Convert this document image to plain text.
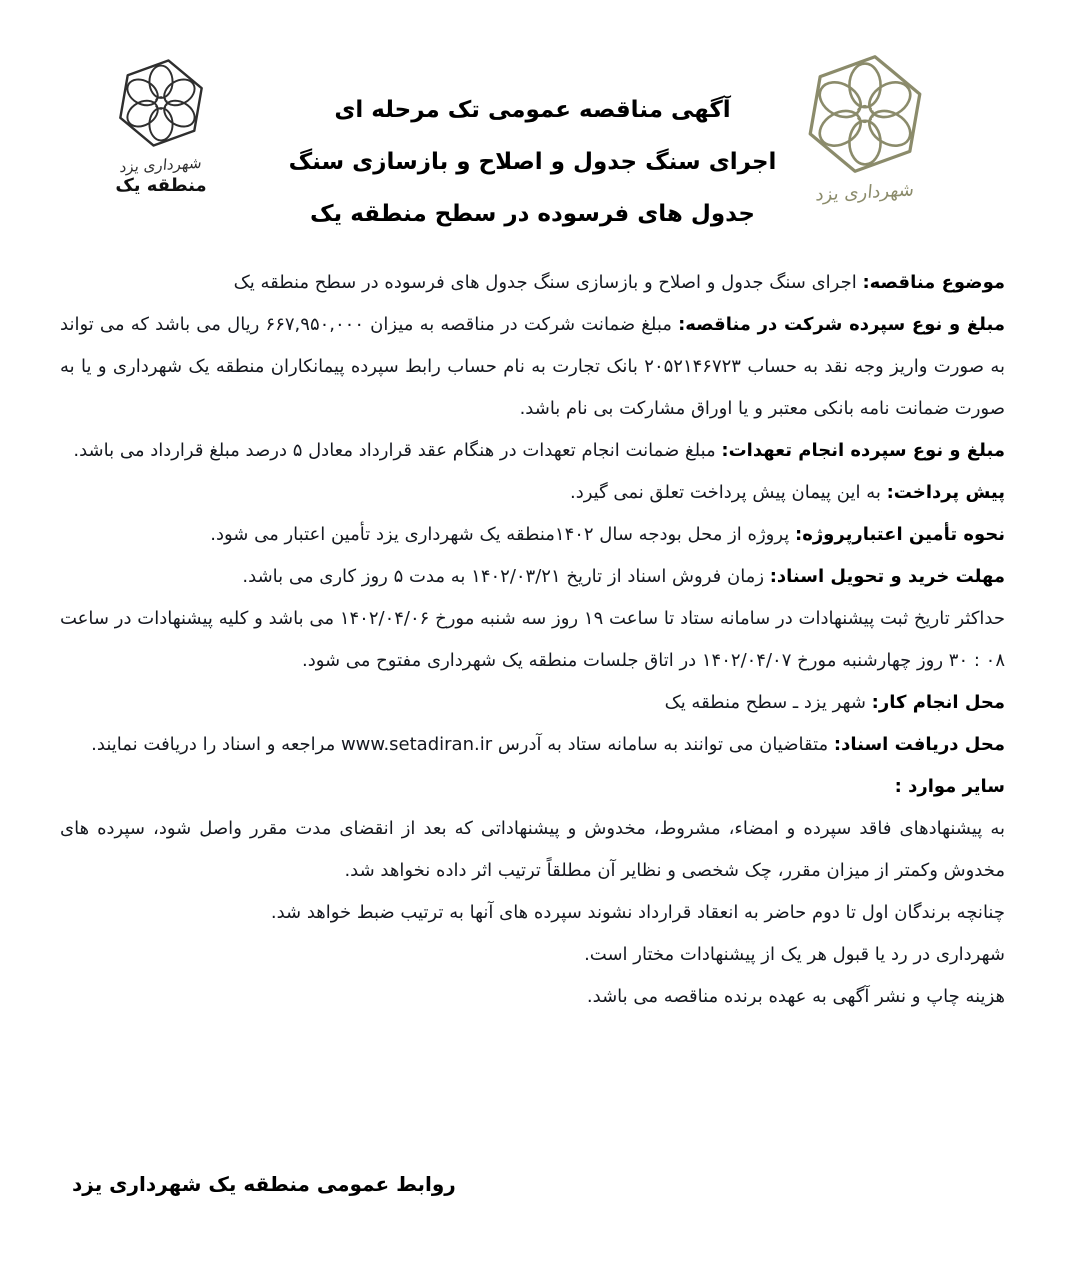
شهرداری یزد
منطقه یک	شهرداری یزد
آگهی مناقصه عمومی تک مرحله ای
اجرای سنگ جدول و اصلاح و بازسازی سنگ
جدول های فرسوده در سطح منطقه یک

موضوع مناقصه: اجرای سنگ جدول و اصلاح و بازسازی سنگ جدول های فرسوده در سطح منطقه یک

مبلغ و نوع سپرده شرکت در مناقصه: مبلغ ضمانت شرکت در مناقصه به میزان ۶۶۷,۹۵۰,۰۰۰ ریال می باشد که می تواند به صورت واریز وجه نقد به حساب ۲۰۵۲۱۴۶۷۲۳ بانک تجارت به نام حساب رابط سپرده پیمانکاران منطقه یک شهرداری و یا به صورت ضمانت نامه بانکی معتبر و یا اوراق مشارکت بی نام باشد.

مبلغ و نوع سپرده انجام تعهدات: مبلغ ضمانت انجام تعهدات در هنگام عقد قرارداد معادل ۵ درصد مبلغ قرارداد می باشد.

پیش پرداخت: به این پیمان پیش پرداخت تعلق نمی گیرد.

نحوه تأمین اعتبارپروژه: پروژه از محل بودجه سال ۱۴۰۲منطقه یک شهرداری یزد تأمین اعتبار می شود.

مهلت خرید و تحویل اسناد: زمان فروش اسناد از تاریخ ۱۴۰۲/۰۳/۲۱ به مدت ۵ روز کاری می باشد.

حداکثر تاریخ ثبت پیشنهادات در سامانه ستاد تا ساعت ۱۹ روز سه شنبه مورخ ۱۴۰۲/۰۴/۰۶ می باشد و کلیه پیشنهادات در ساعت ۰۸ : ۳۰ روز چهارشنبه مورخ ۱۴۰۲/۰۴/۰۷ در اتاق جلسات منطقه یک شهرداری مفتوح می شود.

محل انجام کار: شهر یزد ـ سطح منطقه یک

محل دریافت اسناد: متقاضیان می توانند به سامانه ستاد به آدرس www.setadiran.ir مراجعه و اسناد را دریافت نمایند.

سایر موارد :

به پیشنهادهای فاقد سپرده و امضاء، مشروط، مخدوش و پیشنهاداتی که بعد از انقضای مدت مقرر واصل شود، سپرده های مخدوش وکمتر از میزان مقرر، چک شخصی و نظایر آن مطلقاً ترتیب اثر داده نخواهد شد.

چنانچه برندگان اول تا دوم حاضر به انعقاد قرارداد نشوند سپرده های آنها به ترتیب ضبط خواهد شد.

شهرداری در رد یا قبول هر یک از پیشنهادات مختار است.

هزینه چاپ و نشر آگهی به عهده برنده مناقصه می باشد.

روابط عمومی منطقه یک شهرداری یزد
